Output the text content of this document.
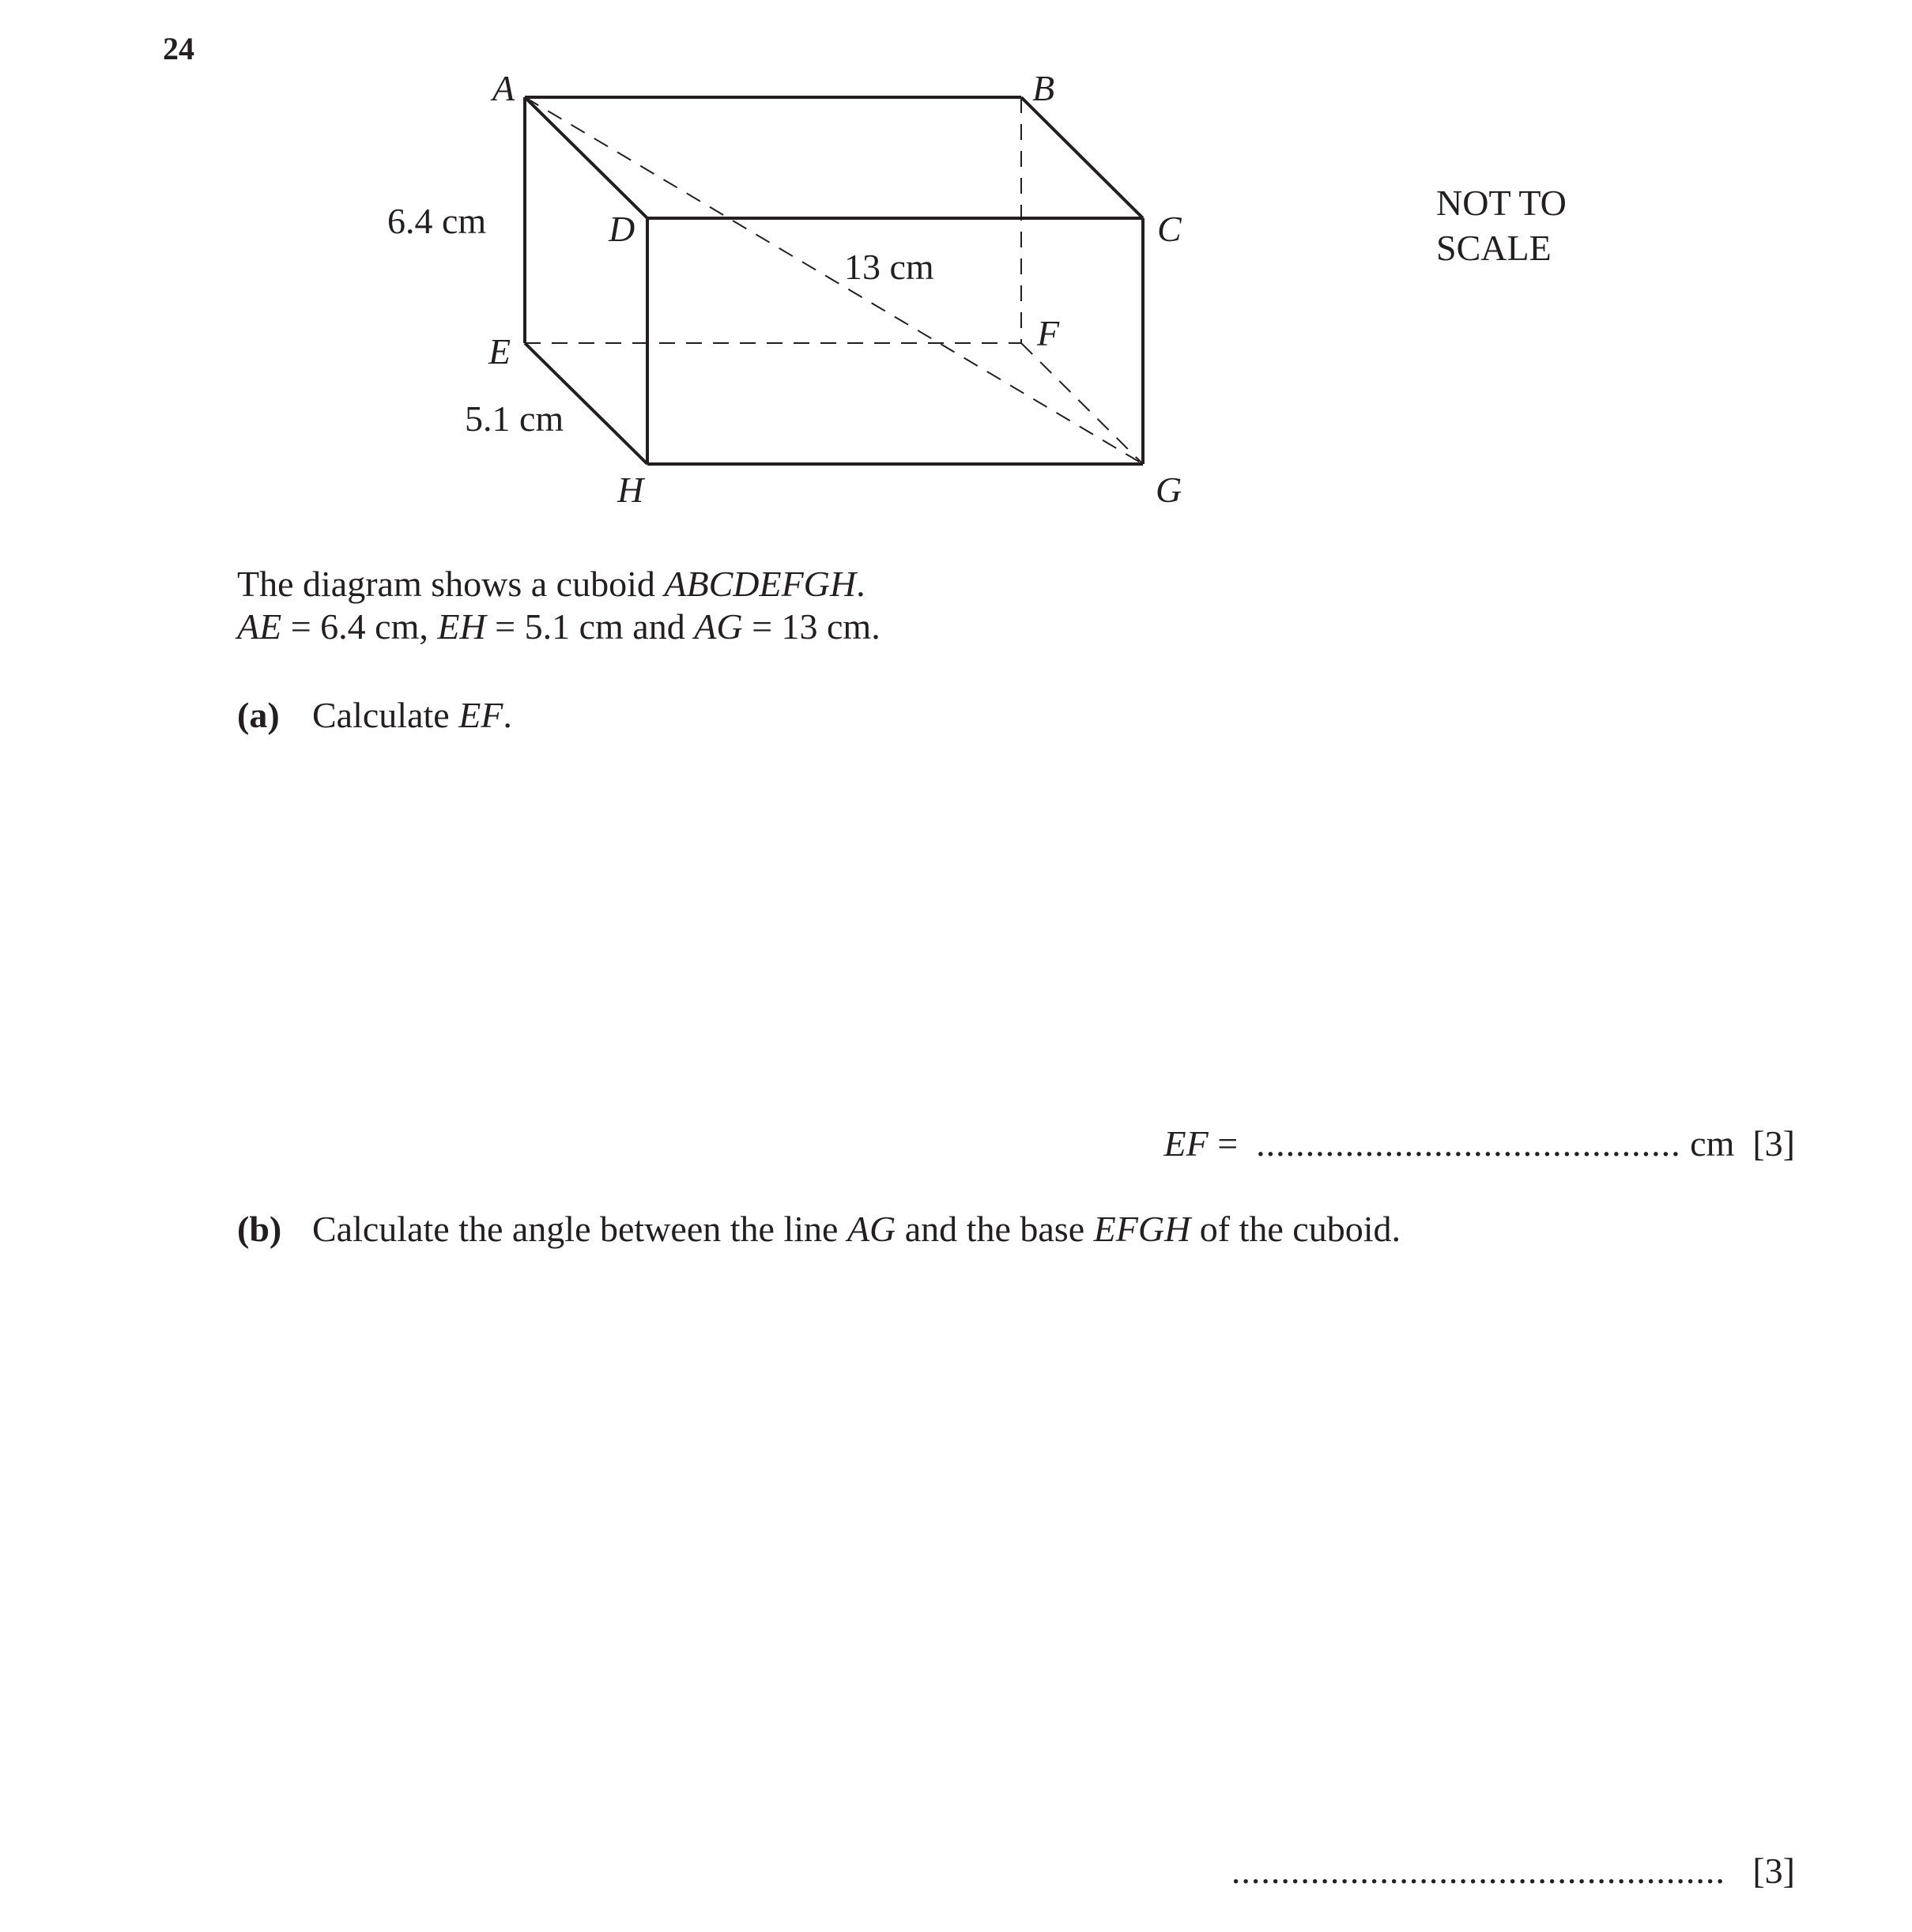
24
A	B
C
D
E	F
G
H
6.4 cm
5.1 cm
13 cm
NOT TO
SCALE
The diagram shows a cuboid ABCDEFGH.
AE = 6.4 cm, EH = 5.1 cm and AG = 13 cm.
(a) Calculate EF.
EF =  ........................................... cm [3]
(b) Calculate the angle between the line AG and the base EFGH of the cuboid.
.................................................. [3]
